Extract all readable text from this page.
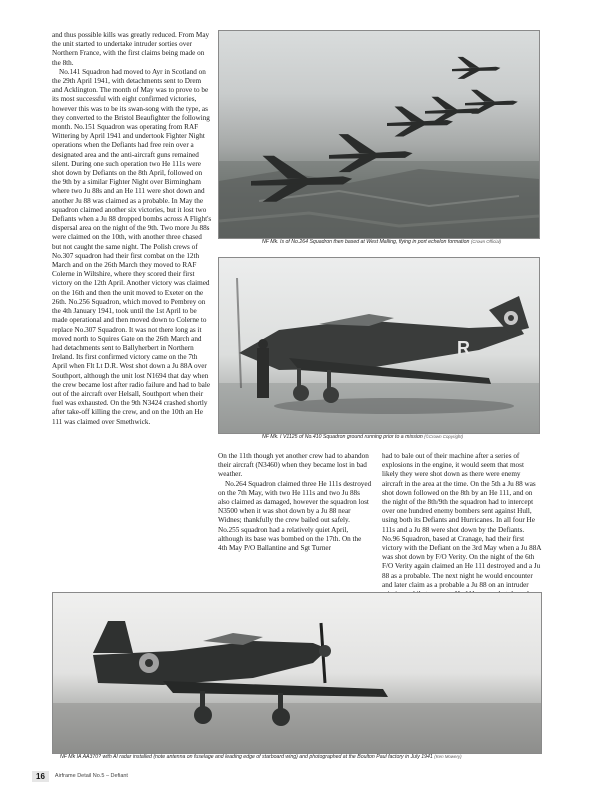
and thus possible kills was greatly reduced. From May the unit started to undertake intruder sorties over Northern France, with the first claims being made on the 8th.

No.141 Squadron had moved to Ayr in Scotland on the 29th April 1941, with detachments sent to Drem and Acklington. The month of May was to prove to be its most successful with eight confirmed victories, however this was to be its swan-song with the type, as they converted to the Bristol Beaufighter the following month. No.151 Squadron was operating from RAF Wittering by April 1941 and undertook Fighter Night operations when the Defiants had free rein over a designated area and the anti-aircraft guns remained silent. During one such operation two He 111s were shot down by Defiants on the 8th April, followed on the 9th by a similar Fighter Night over Birmingham where two Ju 88s and an He 111 were shot down and another Ju 88 was claimed as a probable. In May the squadron claimed another six victories, but it lost two Defiants when a Ju 88 dropped bombs across A Flight's dispersal area on the night of the 9th. Two more Ju 88s were claimed on the 10th, with another three chased but not caught the same night. The Polish crews of No.307 squadron had their first combat on the 12th March and on the 26th March they moved to RAF Colerne in Wiltshire, where they scored their first victory on the 12th April. Another victory was claimed on the 16th and then the unit moved to Exeter on the 26th. No.256 Squadron, which moved to Pembrey on the 4th January 1941, took until the 1st April to be made operational and then moved down to Colerne to replace No.307 Squadron. It was not there long as it moved north to Squires Gate on the 26th March and had detachments sent to Ballyherbert in Northern Ireland. Its first confirmed victory came on the 7th April when Flt Lt D.R. West shot down a Ju 88A over Southport, although the unit lost N1694 that day when the crew became lost after radio failure and had to bale out of the aircraft over Helsall, Southport when their fuel was exhausted. On the 9th N3424 crashed shortly after take-off killing the crew, and on the 10th an He 111 was claimed over Smethwick.

NF Mk. Is of No.264 Squadron then based at West Malling, flying in port echelon formation (Crown Official)
R
NF Mk. I V1125 of No.410 Squadron ground running prior to a mission (©Crown Copyright)

On the 11th though yet another crew had to abandon their aircraft (N3460) when they became lost in bad weather.

No.264 Squadron claimed three He 111s destroyed on the 7th May, with two He 111s and two Ju 88s also claimed as damaged, however the squadron lost N3500 when it was shot down by a Ju 88 near Widnes; thankfully the crew bailed out safely. No.255 squadron had a relatively quiet April, although its base was bombed on the 17th. On the 4th May P/O Ballantine and Sgt Turner

had to bale out of their machine after a series of explosions in the engine, it would seem that most likely they were shot down as there were enemy aircraft in the area at the time. On the 5th a Ju 88 was shot down followed on the 8th by an He 111, and on the night of the 8th/9th the squadron had to intercept over one hundred enemy bombers sent against Hull, using both its Defiants and Hurricanes. In all four He 111s and a Ju 88 were shot down by the Defiants. No.96 Squadron, based at Cranage, had their first victory with the Defiant on the 3rd May when a Ju 88A was shot down by F/O Verity. On the night of the 6th F/O Verity again claimed an He 111 destroyed and a Ju 88 as a probable. The next night he would encounter and later claim as a probable a Ju 88 on an intruder

NF Mk IA AA370? with AI radar installed (note antenna on fuselage and leading edge of starboard wing) and photographed at the Boulton Paul factory in July 1941 (Ken Mowery)
16	Airframe Detail No.5 – Defiant
